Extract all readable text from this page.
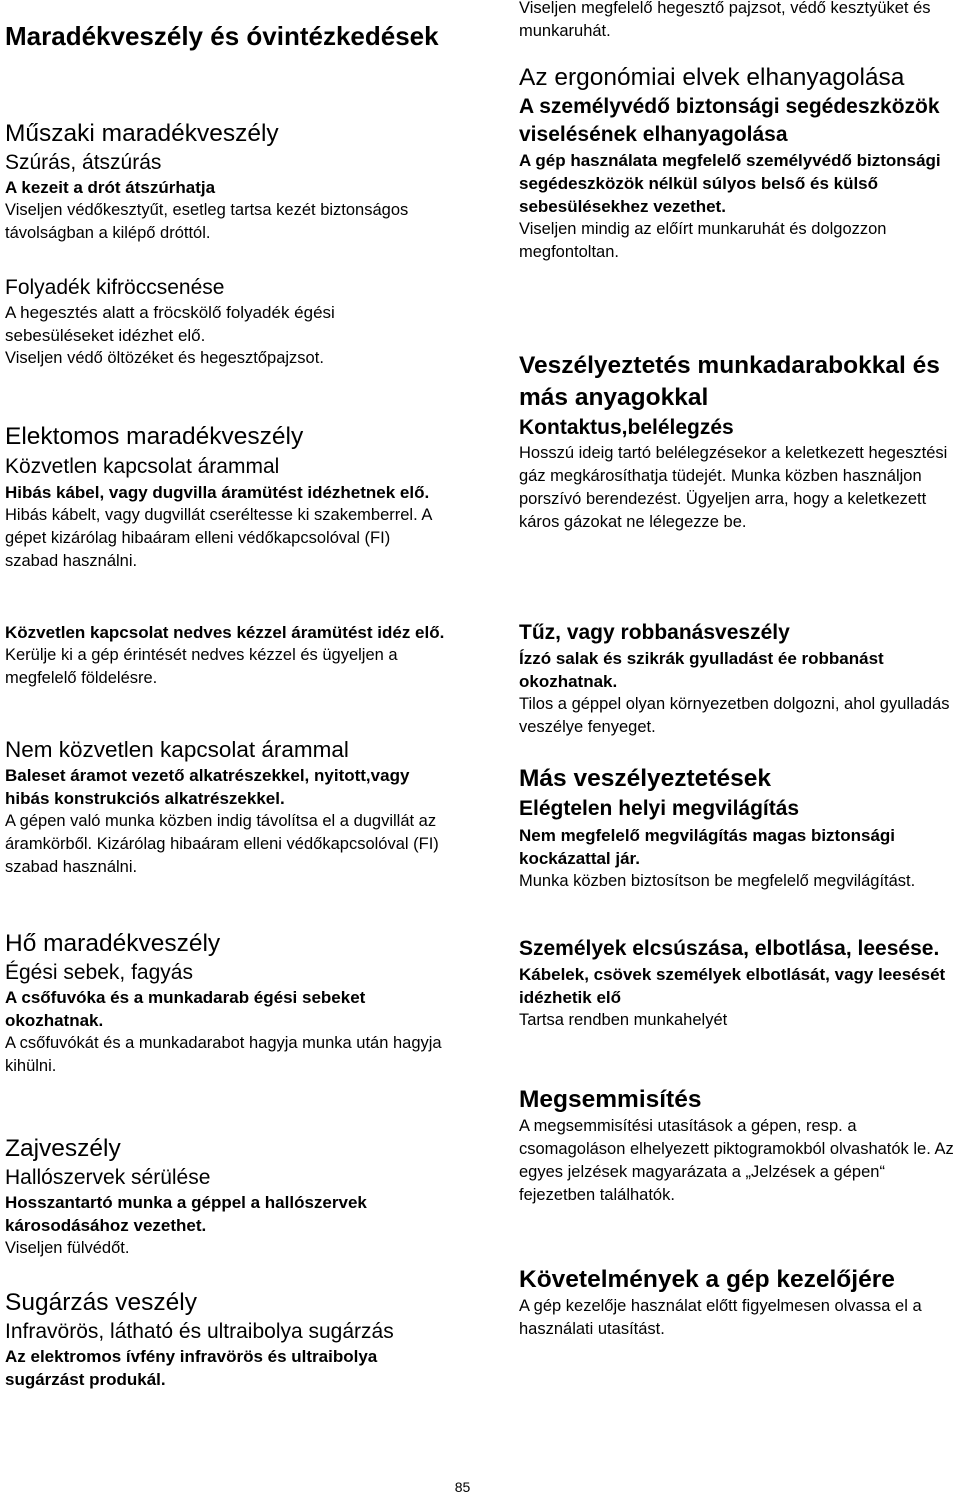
Maradékveszély és óvintézkedések
Műszaki maradékveszély
Szúrás, átszúrás

A kezeit a drót átszúrhatja

Viseljen védőkesztyűt, esetleg tartsa kezét biztonságos távolságban a kilépő dróttól.

Folyadék kifröccsenése

A hegesztés alatt a fröcskölő folyadék égési sebesüléseket idézhet elő.

Viseljen védő öltözéket és hegesztőpajzsot.

Elektomos maradékveszély
Közvetlen kapcsolat árammal

Hibás kábel, vagy dugvilla áramütést idézhetnek elő.

Hibás kábelt, vagy dugvillát cseréltesse ki szakemberrel. A gépet kizárólag hibaáram elleni védőkapcsolóval (FI) szabad használni.

Közvetlen kapcsolat nedves kézzel áramütést idéz elő.

Kerülje ki a gép érintését nedves kézzel és ügyeljen a megfelelő földelésre.

Nem közvetlen kapcsolat árammal

Baleset áramot vezető alkatrészekkel, nyitott,vagy hibás konstrukciós alkatrészekkel.

A gépen való munka közben indig távolítsa el a dugvillát az áramkörből. Kizárólag hibaáram elleni védőkapcsolóval (FI) szabad használni.

Hő maradékveszély
Égési sebek, fagyás

A csőfuvóka és a munkadarab égési sebeket okozhatnak.

A csőfuvókát és a munkadarabot hagyja munka után hagyja kihülni.

Zajveszély
Hallószervek sérülése

Hosszantartó munka a géppel a hallószervek károsodásához vezethet.

Viseljen fülvédőt.

Sugárzás veszély
Infravörös, látható és ultraibolya sugárzás

Az elektromos ívfény infravörös és ultraibolya sugárzást produkál.

Viseljen megfelelő hegesztő pajzsot, védő kesztyüket és munkaruhát.

Az ergonómiai elvek elhanyagolása
A személyvédő biztonsági segédeszközök viselésének elhanyagolása

A gép használata megfelelő személyvédő biztonsági segédeszközök nélkül súlyos belső és külső sebesülésekhez vezethet.

Viseljen mindig az előírt munkaruhát és dolgozzon megfontoltan.

Veszélyeztetés munkadarabokkal és más anyagokkal
Kontaktus,belélegzés

Hosszú ideig tartó belélegzésekor a keletkezett hegesztési gáz megkárosíthatja tüdejét. Munka közben használjon porszívó berendezést. Ügyeljen arra, hogy a keletkezett káros gázokat ne lélegezze be.

Tűz, vagy robbanásveszély

Ízzó salak és szikrák gyulladást ée robbanást okozhatnak.

Tilos a géppel olyan környezetben dolgozni, ahol gyulladás veszélye fenyeget.

Más veszélyeztetések
Elégtelen helyi megvilágítás

Nem megfelelő megvilágítás magas biztonsági kockázattal jár.

Munka közben biztosítson be megfelelő megvilágítást.

Személyek elcsúszása, elbotlása, leesése.

Kábelek, csövek személyek elbotlását, vagy leesését idézhetik elő

Tartsa rendben munkahelyét

Megsemmisítés

A megsemmisítési utasítások a gépen, resp. a csomagoláson elhelyezett piktogramokból olvashatók le. Az egyes jelzések magyarázata a „Jelzések a gépen“ fejezetben találhatók.

Követelmények a gép kezelőjére

A gép kezelője használat előtt figyelmesen olvassa el a használati utasítást.

85
